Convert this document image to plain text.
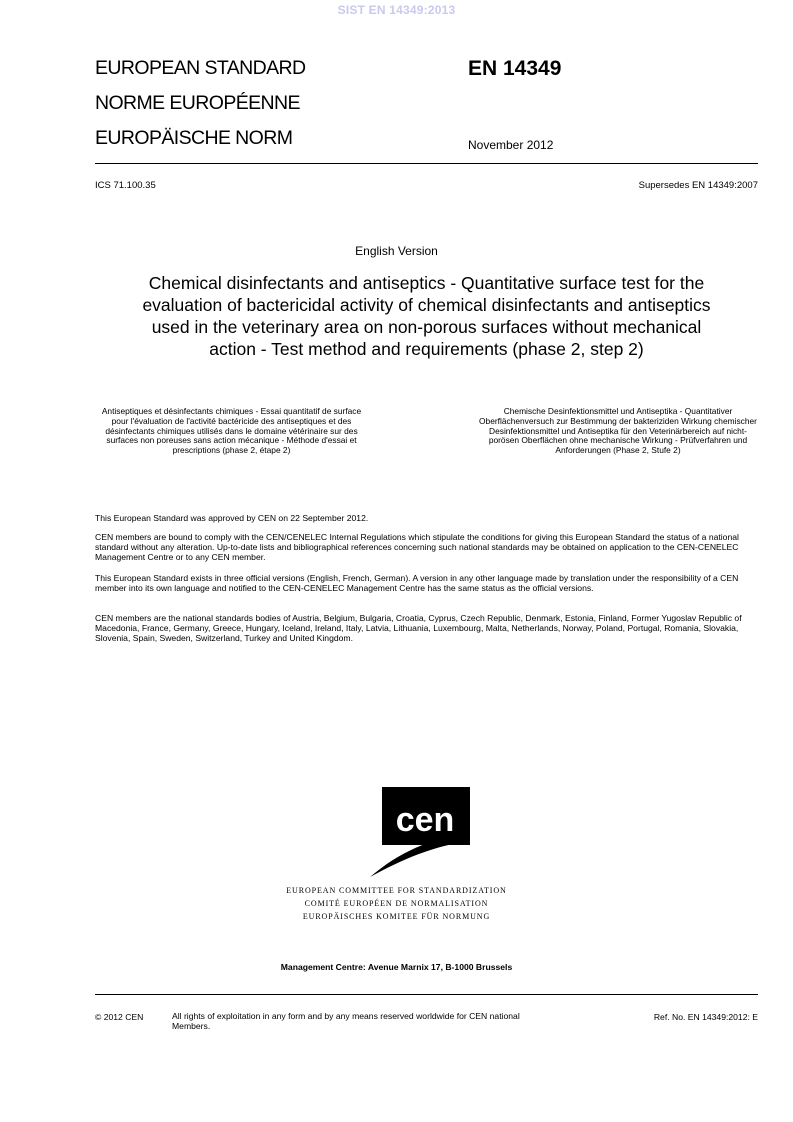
SIST EN 14349:2013
EUROPEAN STANDARD
NORME EUROPÉENNE
EUROPÄISCHE NORM
EN 14349
November 2012
ICS 71.100.35	Supersedes EN 14349:2007
English Version
Chemical disinfectants and antiseptics - Quantitative surface test for the evaluation of bactericidal activity of chemical disinfectants and antiseptics used in the veterinary area on non-porous surfaces without mechanical action - Test method and requirements (phase 2, step 2)
Antiseptiques et désinfectants chimiques - Essai quantitatif de surface pour l'évaluation de l'activité bactéricide des antiseptiques et des désinfectants chimiques utilisés dans le domaine vétérinaire sur des surfaces non poreuses sans action mécanique - Méthode d'essai et prescriptions (phase 2, étape 2)
Chemische Desinfektionsmittel und Antiseptika - Quantitativer Oberflächenversuch zur Bestimmung der bakteriziden Wirkung chemischer Desinfektionsmittel und Antiseptika für den Veterinärbereich auf nicht-porösen Oberflächen ohne mechanische Wirkung - Prüfverfahren und Anforderungen (Phase 2, Stufe 2)
This European Standard was approved by CEN on 22 September 2012.
CEN members are bound to comply with the CEN/CENELEC Internal Regulations which stipulate the conditions for giving this European Standard the status of a national standard without any alteration. Up-to-date lists and bibliographical references concerning such national standards may be obtained on application to the CEN-CENELEC Management Centre or to any CEN member.
This European Standard exists in three official versions (English, French, German). A version in any other language made by translation under the responsibility of a CEN member into its own language and notified to the CEN-CENELEC Management Centre has the same status as the official versions.
CEN members are the national standards bodies of Austria, Belgium, Bulgaria, Croatia, Cyprus, Czech Republic, Denmark, Estonia, Finland, Former Yugoslav Republic of Macedonia, France, Germany, Greece, Hungary, Iceland, Ireland, Italy, Latvia, Lithuania, Luxembourg, Malta, Netherlands, Norway, Poland, Portugal, Romania, Slovakia, Slovenia, Spain, Sweden, Switzerland, Turkey and United Kingdom.
cen
EUROPEAN COMMITTEE FOR STANDARDIZATION
COMITÉ EUROPÉEN DE NORMALISATION
EUROPÄISCHES KOMITEE FÜR NORMUNG
Management Centre: Avenue Marnix 17, B-1000 Brussels
© 2012 CEN	All rights of exploitation in any form and by any means reserved worldwide for CEN national Members.
Ref. No. EN 14349:2012: E
